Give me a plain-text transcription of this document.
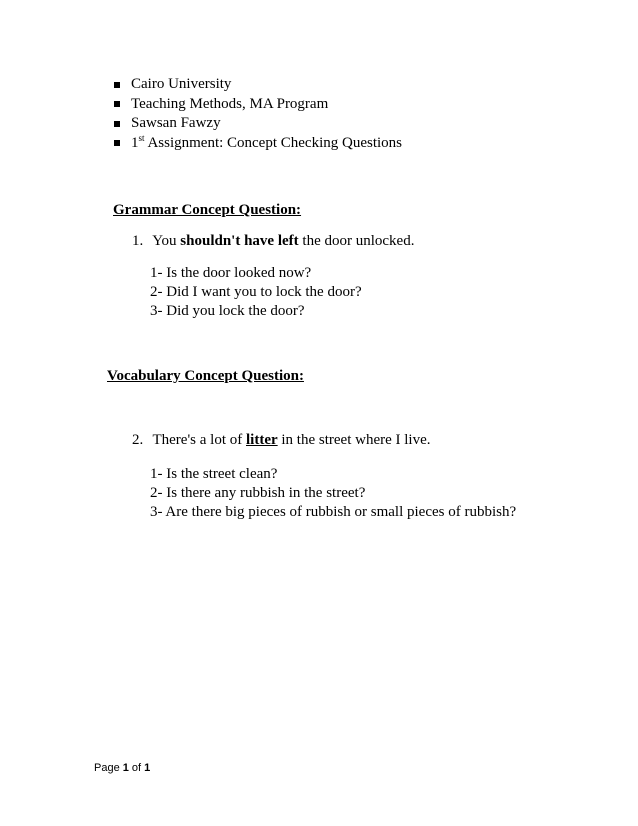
Cairo University
Teaching Methods, MA Program
Sawsan Fawzy
1st Assignment: Concept Checking Questions
Grammar Concept Question:
1. You shouldn't have left the door unlocked.
1- Is the door looked now?
2- Did I want you to lock the door?
3- Did you lock the door?
Vocabulary Concept Question:
2. There's a lot of litter in the street where I live.
1- Is the street clean?
2- Is there any rubbish in the street?
3- Are there big pieces of rubbish or small pieces of rubbish?
Page 1 of 1
